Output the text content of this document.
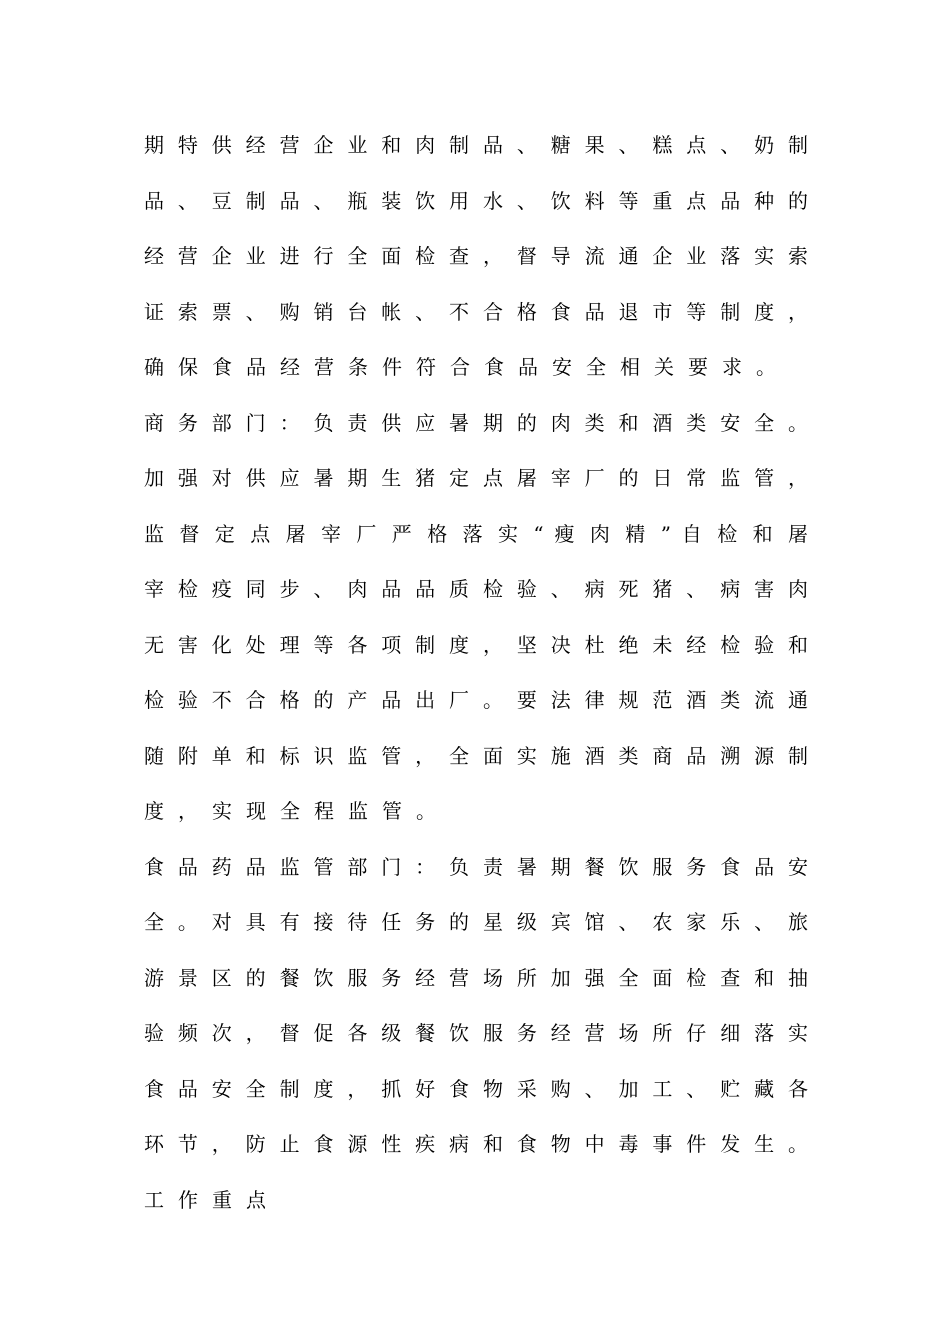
期 特 供 经 营 企 业 和 肉 制 品 、 糖 果 、 糕 点 、 奶 制
品 、 豆 制 品 、 瓶 装 饮 用 水 、 饮 料 等 重 点 品 种 的
经 营 企 业 进 行 全 面 检 查 ， 督 导 流 通 企 业 落 实 索
证 索 票 、 购 销 台 帐 、 不 合 格 食 品 退 市 等 制 度 ，
确保食品经营条件符合食品安全相关要求。
商 务 部 门 ： 负 责 供 应 暑 期 的 肉 类 和 酒 类 安 全 。
加 强 对 供 应 暑 期 生 猪 定 点 屠 宰 厂 的 日 常 监 管 ，
监 督 定 点 屠 宰 厂 严 格 落 实 “ 瘦 肉 精 ” 自 检 和 屠
宰 检 疫 同 步 、 肉 品 品 质 检 验 、 病 死 猪 、 病 害 肉
无 害 化 处 理 等 各 项 制 度 ， 坚 决 杜 绝 未 经 检 验 和
检 验 不 合 格 的 产 品 出 厂 。 要 法 律 规 范 酒 类 流 通
随 附 单 和 标 识 监 管 ， 全 面 实 施 酒 类 商 品 溯 源 制
度，实现全程监管。
食 品 药 品 监 管 部 门 ： 负 责 暑 期 餐 饮 服 务 食 品 安
全 。 对 具 有 接 待 任 务 的 星 级 宾 馆 、 农 家 乐 、 旅
游 景 区 的 餐 饮 服 务 经 营 场 所 加 强 全 面 检 查 和 抽
验 频 次 ， 督 促 各 级 餐 饮 服 务 经 营 场 所 仔 细 落 实
食 品 安 全 制 度 ， 抓 好 食 物 采 购 、 加 工 、 贮 藏 各
环 节 ， 防 止 食 源 性 疾 病 和 食 物 中 毒 事 件 发 生 。
工作重点
